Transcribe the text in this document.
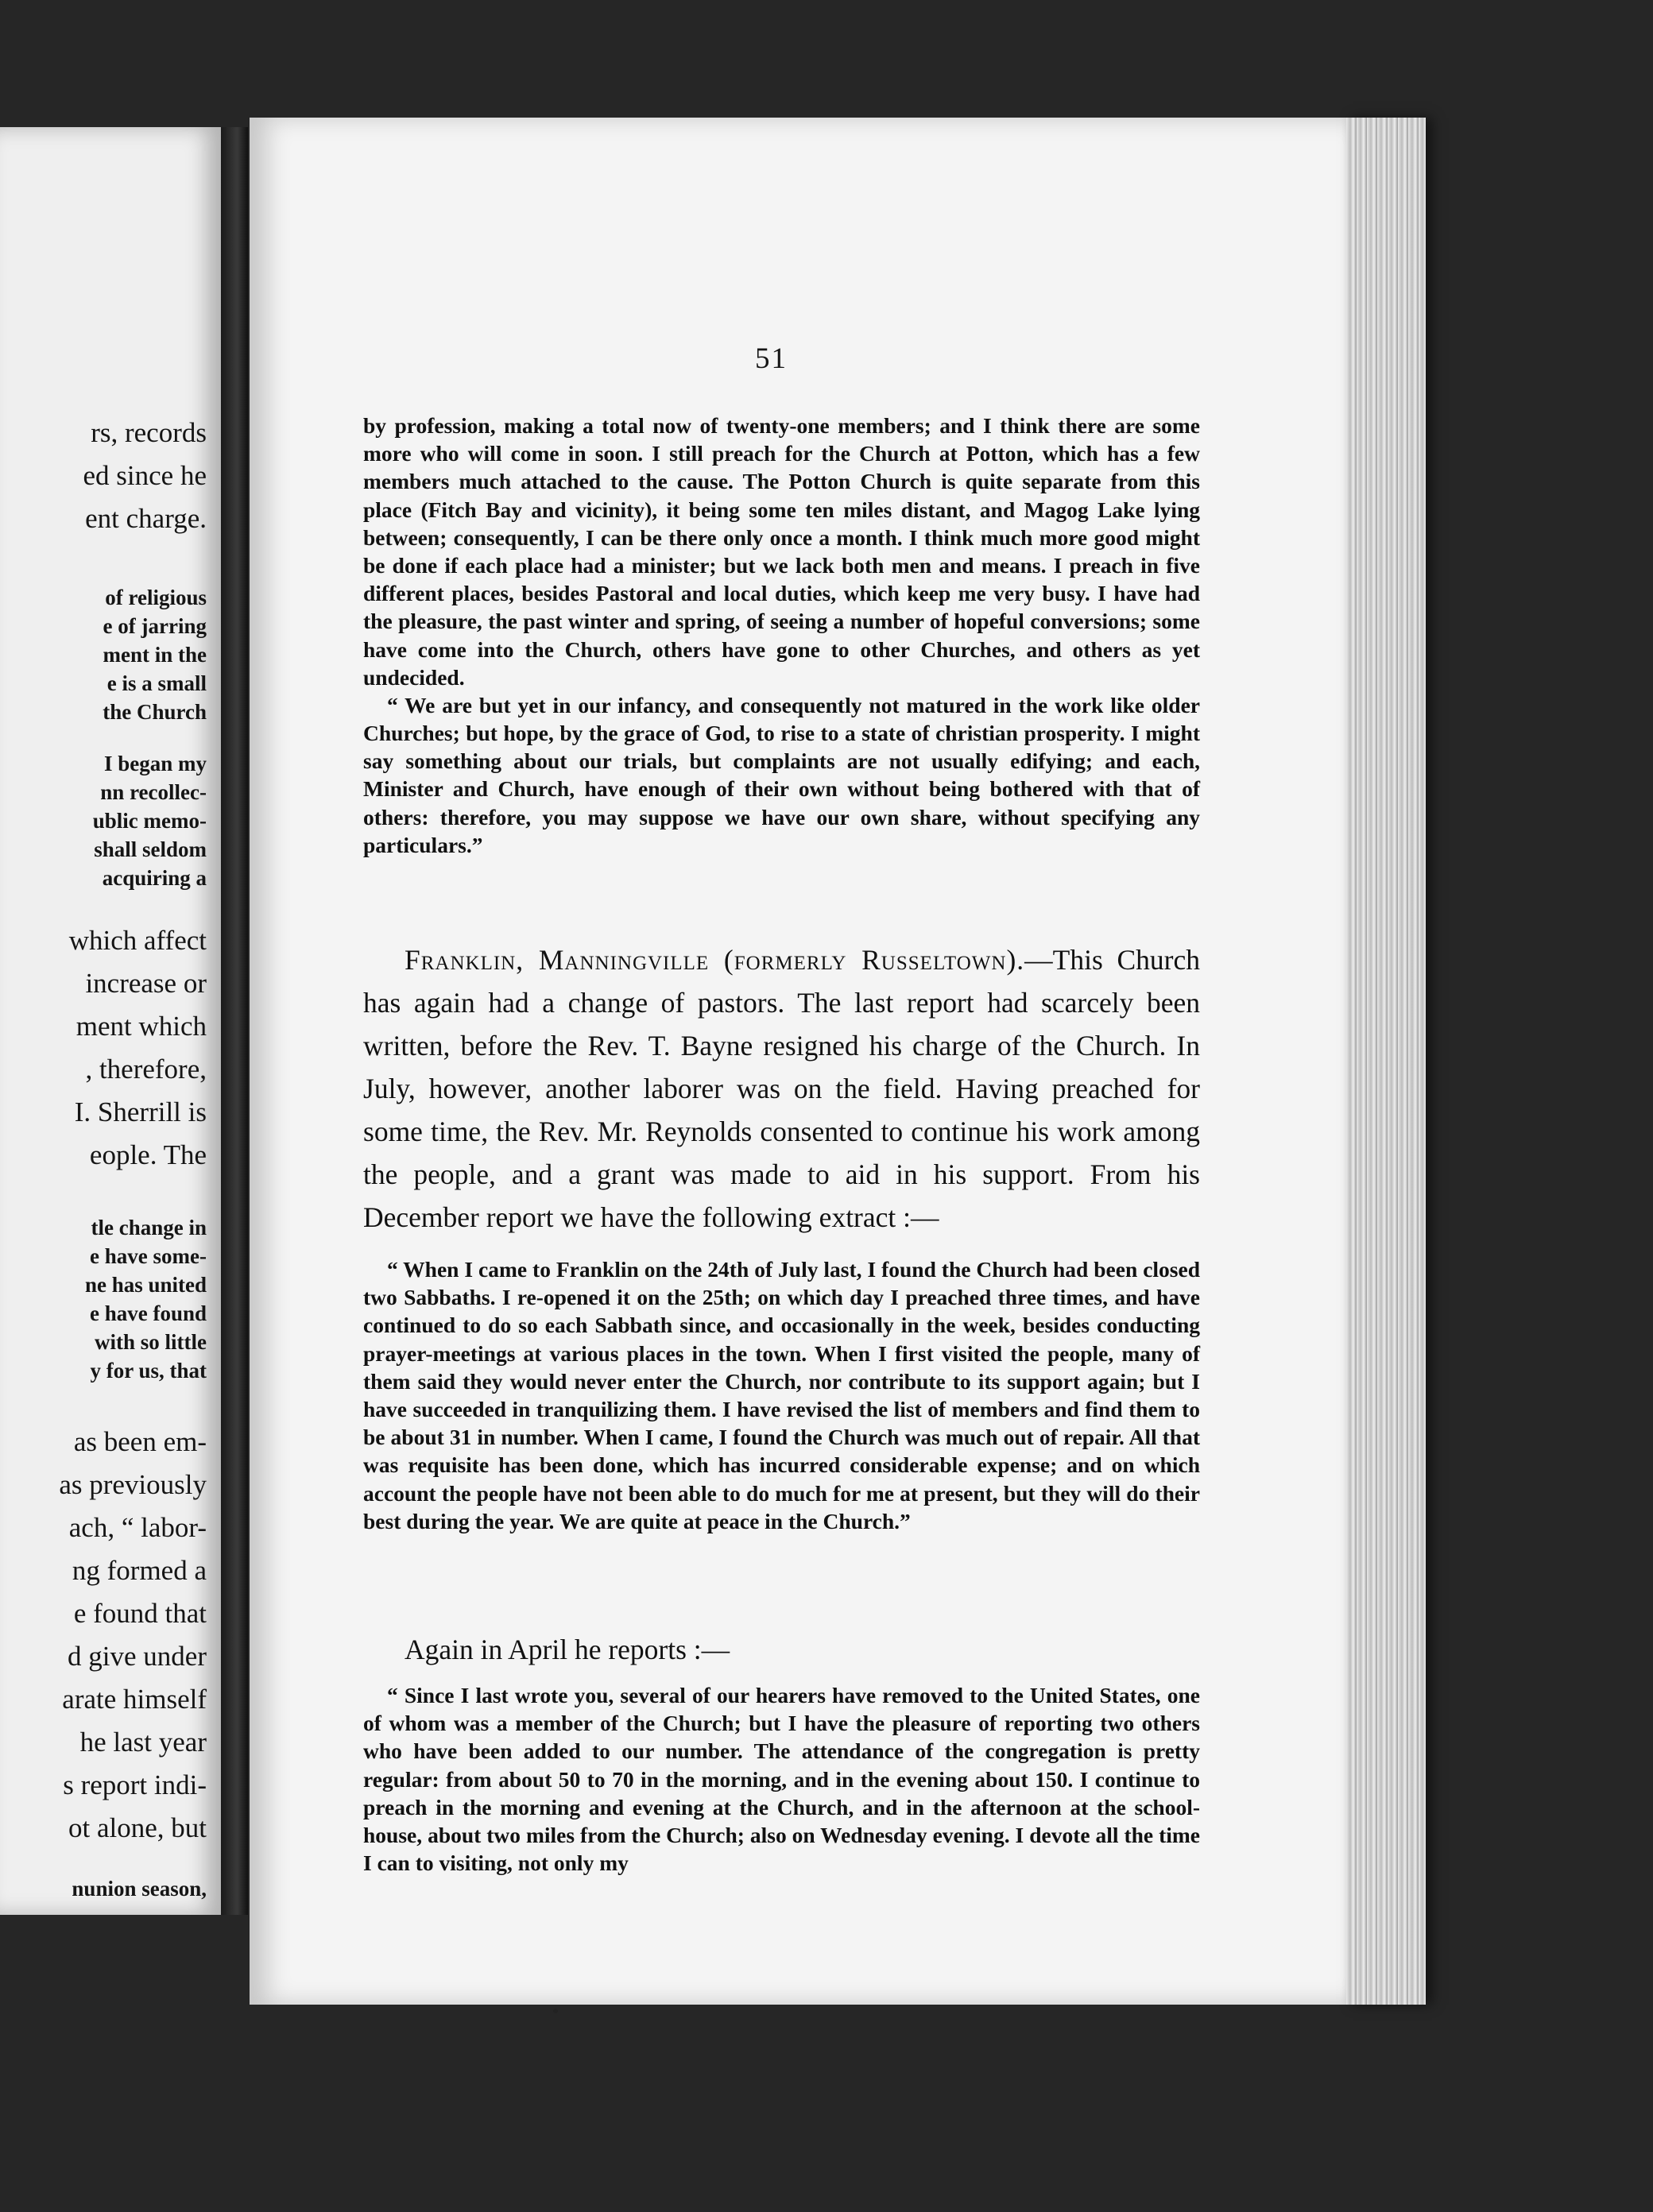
rs, records
ed since he
ent charge.
of religious
e of jarring
ment in the
e is a small
the Church
I began my
nn recollec-
ublic memo-
shall seldom
acquiring a
which affect
increase or
ment which
, therefore,
I. Sherrill is
eople. The
tle change in
e have some-
ne has united
e have found
with so little
y for us, that
as been em-
as previously
ach, “ labor-
ng formed a
e found that
d give under
arate himself
he last year
s report indi-
ot alone, but
nunion season,
51

by profession, making a total now of twenty-one members; and I think there are some more who will come in soon. I still preach for the Church at Potton, which has a few members much attached to the cause. The Potton Church is quite separate from this place (Fitch Bay and vicinity), it being some ten miles distant, and Magog Lake lying between; consequently, I can be there only once a month. I think much more good might be done if each place had a minister; but we lack both men and means. I preach in five different places, besides Pastoral and local duties, which keep me very busy. I have had the pleasure, the past winter and spring, of seeing a number of hopeful conversions; some have come into the Church, others have gone to other Churches, and others as yet undecided.

“ We are but yet in our infancy, and consequently not matured in the work like older Churches; but hope, by the grace of God, to rise to a state of christian prosperity. I might say something about our trials, but complaints are not usually edifying; and each, Minister and Church, have enough of their own without being bothered with that of others: therefore, you may suppose we have our own share, without specifying any particulars.”

Franklin, Manningville (formerly Russeltown).—This Church has again had a change of pastors. The last report had scarcely been written, before the Rev. T. Bayne resigned his charge of the Church. In July, however, another laborer was on the field. Having preached for some time, the Rev. Mr. Reynolds consented to continue his work among the people, and a grant was made to aid in his support. From his December report we have the following extract :—

“ When I came to Franklin on the 24th of July last, I found the Church had been closed two Sabbaths. I re-opened it on the 25th; on which day I preached three times, and have continued to do so each Sabbath since, and occasionally in the week, besides conducting prayer-meetings at various places in the town. When I first visited the people, many of them said they would never enter the Church, nor contribute to its support again; but I have succeeded in tranquilizing them. I have revised the list of members and find them to be about 31 in number. When I came, I found the Church was much out of repair. All that was requisite has been done, which has incurred considerable expense; and on which account the people have not been able to do much for me at present, but they will do their best during the year. We are quite at peace in the Church.”

Again in April he reports :—

“ Since I last wrote you, several of our hearers have removed to the United States, one of whom was a member of the Church; but I have the pleasure of reporting two others who have been added to our number. The attendance of the congregation is pretty regular: from about 50 to 70 in the morning, and in the evening about 150. I continue to preach in the morning and evening at the Church, and in the afternoon at the school-house, about two miles from the Church; also on Wednesday evening. I devote all the time I can to visiting, not only my
